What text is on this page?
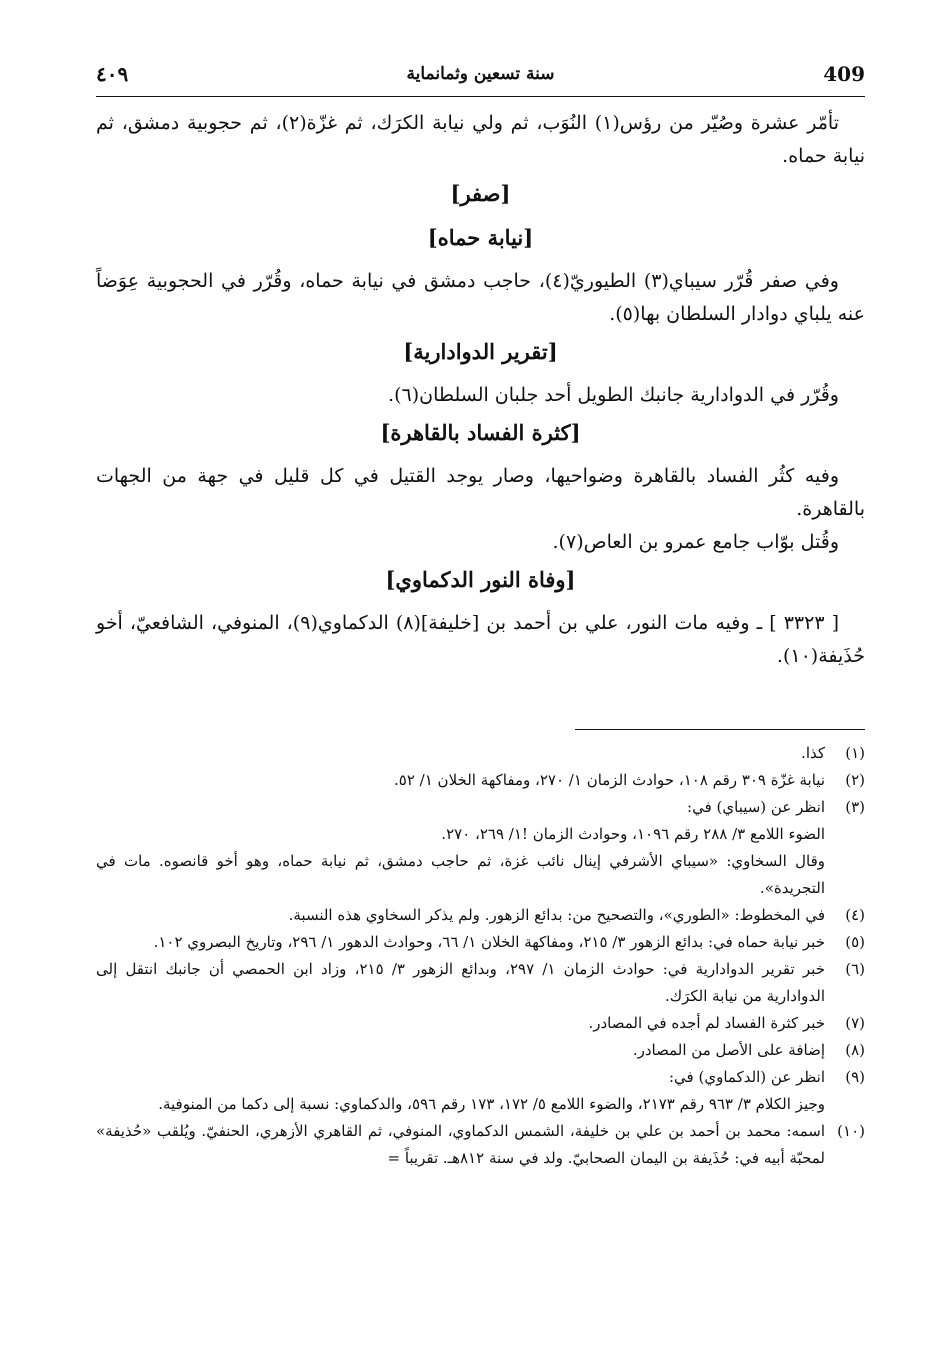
409
سنة تسعين وثمانماية
٤٠٩

تأمّر عشرة وصُيّر من رؤس(١) النُوَب، ثم ولي نيابة الكرَك، ثم غزّة(٢)، ثم حجوبية دمشق، ثم نيابة حماه.

[صفر]
[نيابة حماه]

وفي صفر قُرّر سيباي(٣) الطيوريّ(٤)، حاجب دمشق في نيابة حماه، وقُرّر في الحجوبية عِوَضاً عنه يلباي دوادار السلطان بها(٥).

[تقرير الدوادارية]

وقُرّر في الدوادارية جانبك الطويل أحد جلبان السلطان(٦).

[كثرة الفساد بالقاهرة]

وفيه كثُر الفساد بالقاهرة وضواحيها، وصار يوجد القتيل في كل قليل في جهة من الجهات بالقاهرة.

وقُتل بوّاب جامع عمرو بن العاص(٧).

[وفاة النور الدكماوي]

[ ٣٣٢٣ ] ـ وفيه مات النور، علي بن أحمد بن [خليفة](٨) الدكماوي(٩)، المنوفي، الشافعيّ، أخو حُذَيفة(١٠).

(١)
كذا.
(٢)
نيابة غزّة ٣٠٩ رقم ١٠٨، حوادث الزمان ١/ ٢٧٠، ومفاكهة الخلان ١/ ٥٢.
(٣)
انظر عن (سيباي) في:
الضوء اللامع ٣/ ٢٨٨ رقم ١٠٩٦، وحوادث الزمان !١/ ٢٦٩، ٢٧٠.
وقال السخاوي: «سيباي الأشرفي إينال نائب غزة، ثم حاجب دمشق، ثم نيابة حماه، وهو أخو قانصوه. مات في التجريدة».
(٤)
في المخطوط: «الطوري»، والتصحيح من: بدائع الزهور. ولم يذكر السخاوي هذه النسبة.
(٥)
خبر نيابة حماه في: بدائع الزهور ٣/ ٢١٥، ومفاكهة الخلان ١/ ٦٦، وحوادث الدهور ١/ ٢٩٦، وتاريخ البصروي ١٠٢.
(٦)
خبر تقرير الدوادارية في: حوادث الزمان ١/ ٢٩٧، وبدائع الزهور ٣/ ٢١٥، وزاد ابن الحمصي أن جانبك انتقل إلى الدوادارية من نيابة الكرَك.
(٧)
خبر كثرة الفساد لم أجده في المصادر.
(٨)
إضافة على الأصل من المصادر.
(٩)
انظر عن (الدكماوي) في:
وجيز الكلام ٣/ ٩٦٣ رقم ٢١٧٣، والضوء اللامع ٥/ ١٧٢، ١٧٣ رقم ٥٩٦، والدكماوي: نسبة إلى دكما من المنوفية.
(١٠)
اسمه: محمد بن أحمد بن علي بن خليفة، الشمس الدكماوي، المنوفي، ثم القاهري الأزهري، الحنفيّ. ويُلقب «حُذيفة» لمحبّة أبيه في: حُذَيفة بن اليمان الصحابيّ. ولد في سنة ٨١٢هـ. تقريباً =
